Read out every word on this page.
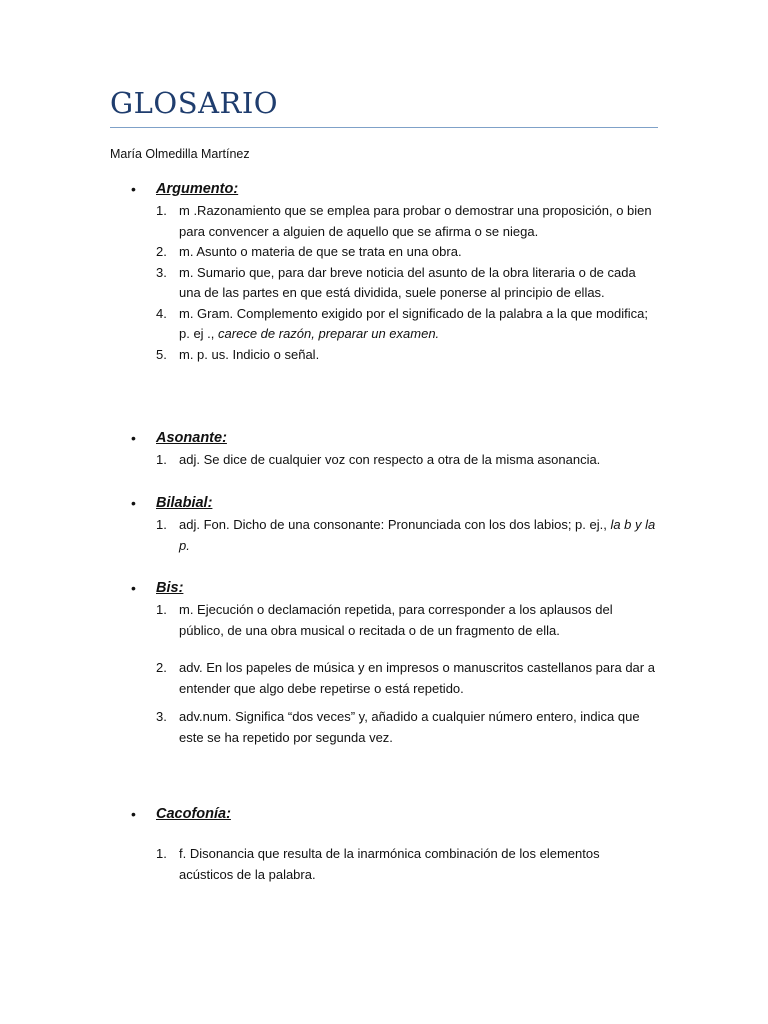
GLOSARIO
María Olmedilla Martínez
• Argumento:

1. m .Razonamiento que se emplea para probar o demostrar una proposición, o bien para convencer a alguien de aquello que se afirma o se niega.

2. m. Asunto o materia de que se trata en una obra.

3. m. Sumario que, para dar breve noticia del asunto de la obra literaria o de cada una de las partes en que está dividida, suele ponerse al principio de ellas.

4. m. Gram. Complemento exigido por el significado de la palabra a la que modifica; p. ej ., carece de razón, preparar un examen.

5. m. p. us. Indicio o señal.

• Asonante:

1. adj. Se dice de cualquier voz con respecto a otra de la misma asonancia.

• Bilabial:

1. adj. Fon. Dicho de una consonante: Pronunciada con los dos labios; p. ej., la b y la p.

• Bis:

1. m. Ejecución o declamación repetida, para corresponder a los aplausos del público, de una obra musical o recitada o de un fragmento de ella.

2. adv. En los papeles de música y en impresos o manuscritos castellanos para dar a entender que algo debe repetirse o está repetido.

3. adv.num. Significa “dos veces” y, añadido a cualquier número entero, indica que este se ha repetido por segunda vez.

• Cacofonía:

1. f. Disonancia que resulta de la inarmónica combinación de los elementos acústicos de la palabra.
